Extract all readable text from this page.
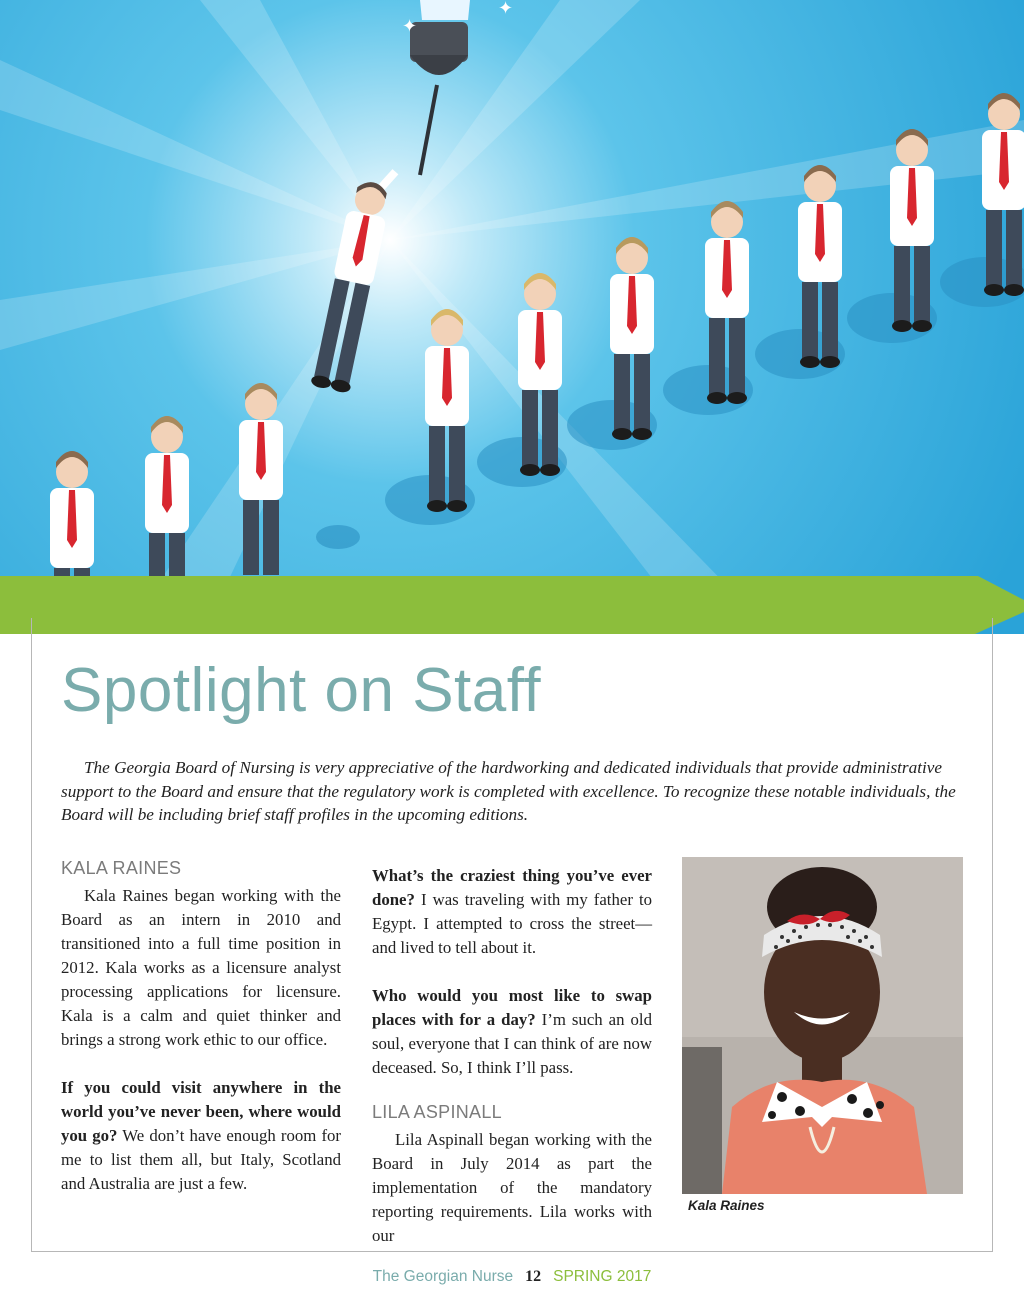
✦
✦
Spotlight on Staff

The Georgia Board of Nursing is very appreciative of the hardworking and dedicated individuals that provide administrative support to the Board and ensure that the regulatory work is completed with excellence. To recognize these notable individuals, the Board will be including brief staff profiles in the upcoming editions.

KALA RAINES

Kala Raines began working with the Board as an intern in 2010 and transitioned into a full time position in 2012. Kala works as a licensure analyst processing applications for licensure. Kala is a calm and quiet thinker and brings a strong work ethic to our office.

If you could visit anywhere in the world you’ve never been, where would you go? We don’t have enough room for me to list them all, but Italy, Scotland and Australia are just a few.

What’s the craziest thing you’ve ever done? I was traveling with my father to Egypt. I attempted to cross the street—and lived to tell about it.

Who would you most like to swap places with for a day? I’m such an old soul, everyone that I can think of are now deceased. So, I think I’ll pass.

LILA ASPINALL

Lila Aspinall began working with the Board in July 2014 as part the implementation of the mandatory reporting requirements. Lila works with our

Kala Raines

The Georgian Nurse 12 SPRING 2017
